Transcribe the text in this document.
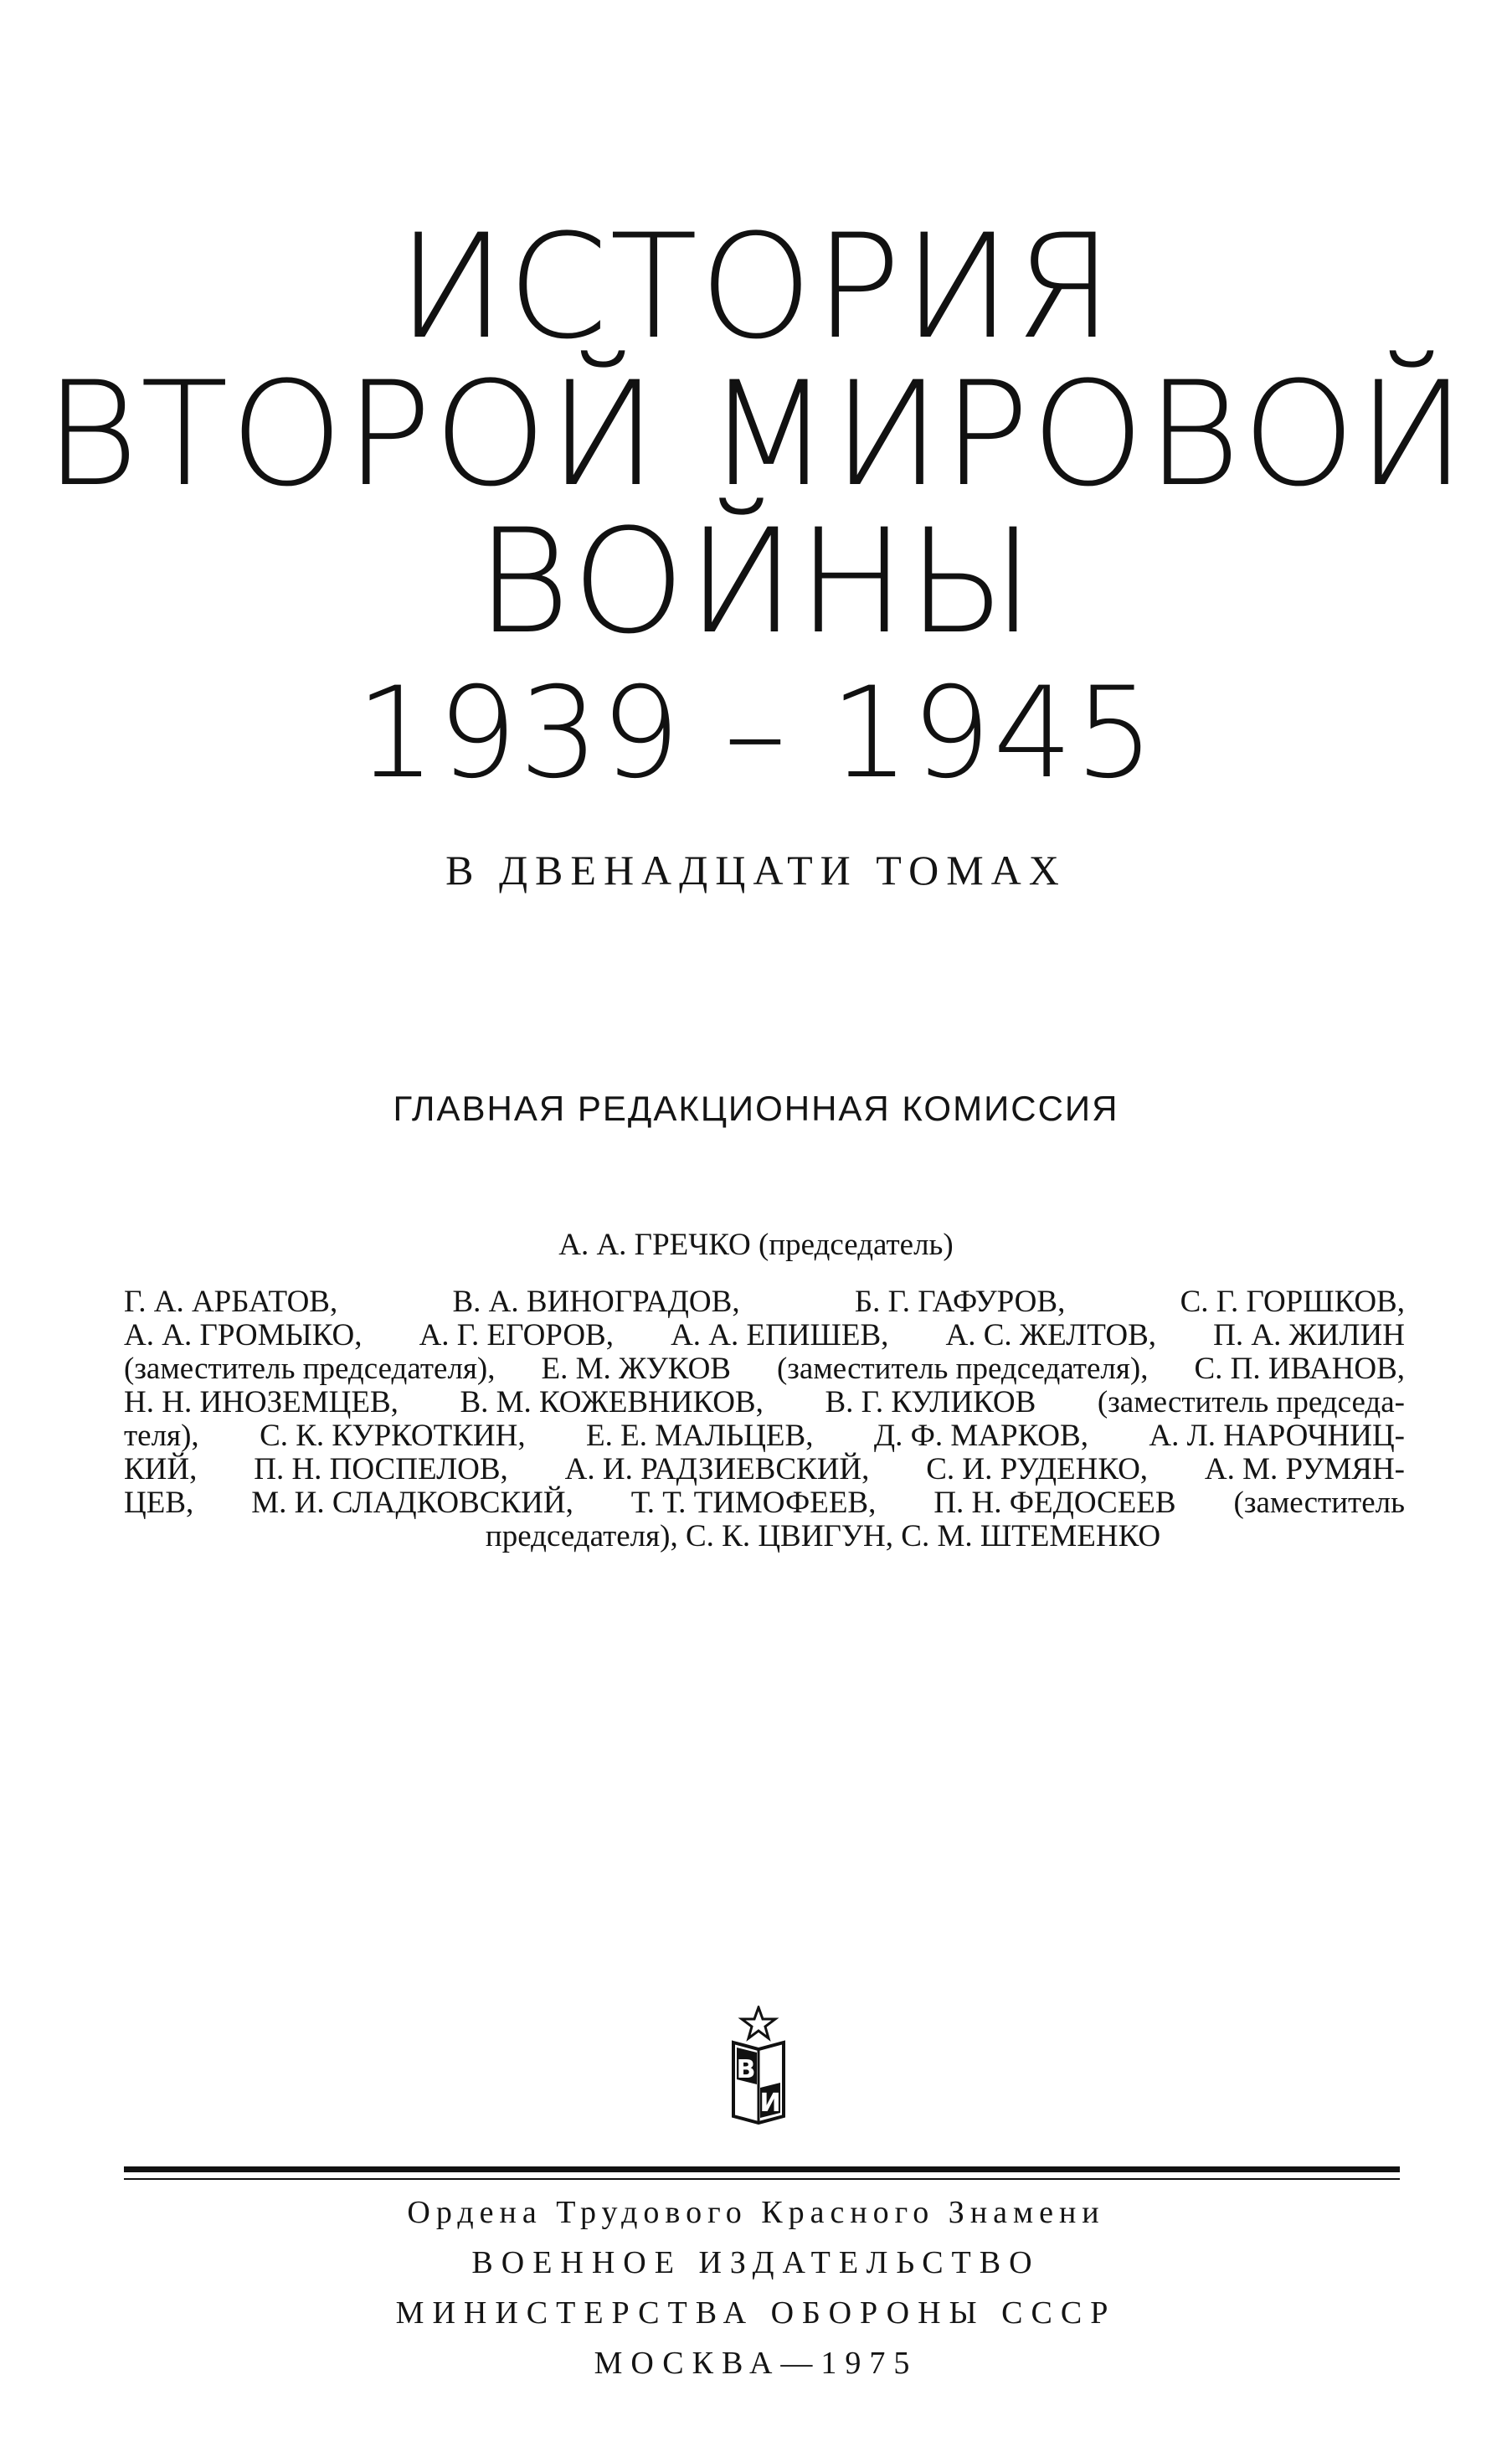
ИСТОРИЯ
ВТОРОЙ МИРОВОЙ
ВОЙНЫ
1939 – 1945
В ДВЕНАДЦАТИ ТОМАХ
ГЛАВНАЯ РЕДАКЦИОННАЯ КОМИССИЯ
А. А. ГРЕЧКО (председатель)
Г. А. АРБАТОВ,	В. А. ВИНОГРАДОВ,	Б. Г. ГАФУРОВ,	С. Г. ГОРШКОВ,
А. А. ГРОМЫКО, А. Г. ЕГОРОВ, А. А. ЕПИШЕВ, А. С. ЖЕЛТОВ, П. А. ЖИЛИН
(заместитель председателя), Е. М. ЖУКОВ (заместитель председателя), С. П. ИВАНОВ,
Н. Н. ИНОЗЕМЦЕВ, В. М. КОЖЕВНИКОВ, В. Г. КУЛИКОВ (заместитель председа-
теля), С. К. КУРКОТКИН, Е. Е. МАЛЬЦЕВ, Д. Ф. МАРКОВ, А. Л. НАРОЧНИЦ-
КИЙ, П. Н. ПОСПЕЛОВ, А. И. РАДЗИЕВСКИЙ, С. И. РУДЕНКО, А. М. РУМЯН-
ЦЕВ, М. И. СЛАДКОВСКИЙ, Т. Т. ТИМОФЕЕВ, П. Н. ФЕДОСЕЕВ (заместитель
председателя), С. К. ЦВИГУН, С. М. ШТЕМЕНКО
В
И
Ордена Трудового Красного Знамени
ВОЕННОЕ ИЗДАТЕЛЬСТВО
МИНИСТЕРСТВА ОБОРОНЫ СССР
МОСКВА—1975
